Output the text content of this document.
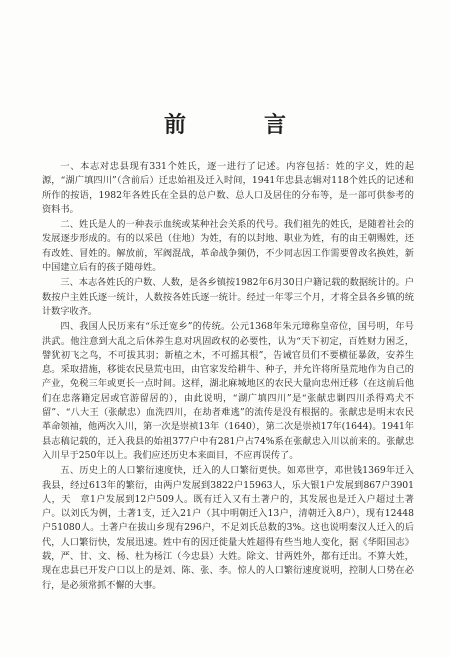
前　言

一、本志对忠县现有331个姓氏，逐一进行了记述。内容包括：姓的字义，姓的起源，“湖广填四川”（含前后）迁忠始祖及迁入时间，1941年忠县志辑对118个姓氏的记述和所作的按语，1982年各姓氏在全县的总户数、总人口及居住的分布等，是一部可供参考的资料书。

二、姓氏是人的一种表示血统或某种社会关系的代号。我们祖先的姓氏，是随着社会的发展逐步形成的。有的以采邑（住地）为姓，有的以封地、职业为姓，有的由王朝赐姓，还有改姓、冒姓的。解放前，军阀混战，革命战争频仍，不少同志因工作需要曾改名换姓，新中国建立后有的孩子随母姓。

三、本志各姓氏的户数、人数，是各乡镇按1982年6月30日户籍记载的数据统计的。户数按户主姓氏逐一统计，人数按各姓氏逐一统计。经过一年零三个月，才将全县各乡镇的统计数字收齐。

四、我国人民历来有“乐迁宽乡”的传统。公元1368年朱元璋称皇帝位，国号明，年号洪武。他注意到大乱之后休养生息对巩固政权的必要性，认为“天下初定，百姓财力困乏，譬犹初飞之鸟，不可拔其羽；新植之木，不可摇其根”，告诫官员们不要横征暴敛，安养生息。采取措施，移徙农民垦荒屯田，由官家发给耕牛、种子，并允许将所垦荒地作为自己的产业，免税三年或更长一点时间。这样，湖北麻城地区的农民大量向忠州迁移（在这前后他们在忠落籍定居或官游留居的），由此说明，“湖广填四川”是“张献忠剿四川杀得鸡犬不留”、“八大王（张献忠）血洗四川，在劫者难逃”的流传是没有根据的。张献忠是明末农民革命领袖，他两次入川，第一次是崇祯13年（1640），第二次是崇祯17年(1644)。1941年县志稿记载的，迁入我县的始祖377户中有281户占74%系在张献忠入川以前来的。张献忠入川早于250年以上。我们应还历史本来面目，不应再误传了。

五、历史上的人口繁衍速度快，迁入的人口繁衍更快。如邓世亨，邓世钱1369年迁入我县，经过613年的繁衍，由两户发展到3822户15963人，乐大银1户发展到867户3901人，天　章1户发展到12户509人。既有迁入又有土著户的，其发展也是迁入户超过土著户。以刘氏为例，土著1支，迁入21户（其中明朝迁入13户，清朝迁入8户），现有12448户51080人。土著户在拔山乡现有296户，不足刘氏总数的3%。这也说明秦汉人迁入的后代，人口繁衍快，发展迅速。姓中有的因迁徙量大姓超得有些当地人变化，据《华阳国志》载，严、甘、文、杨、杜为杨江（今忠县）大姓。除文、甘两姓外，都有迁出。不算大姓，现在忠县已开发户口以上的是刘、陈、张、李。惊人的人口繁衍速度说明，控制人口势在必行，是必须常抓不懈的大事。
